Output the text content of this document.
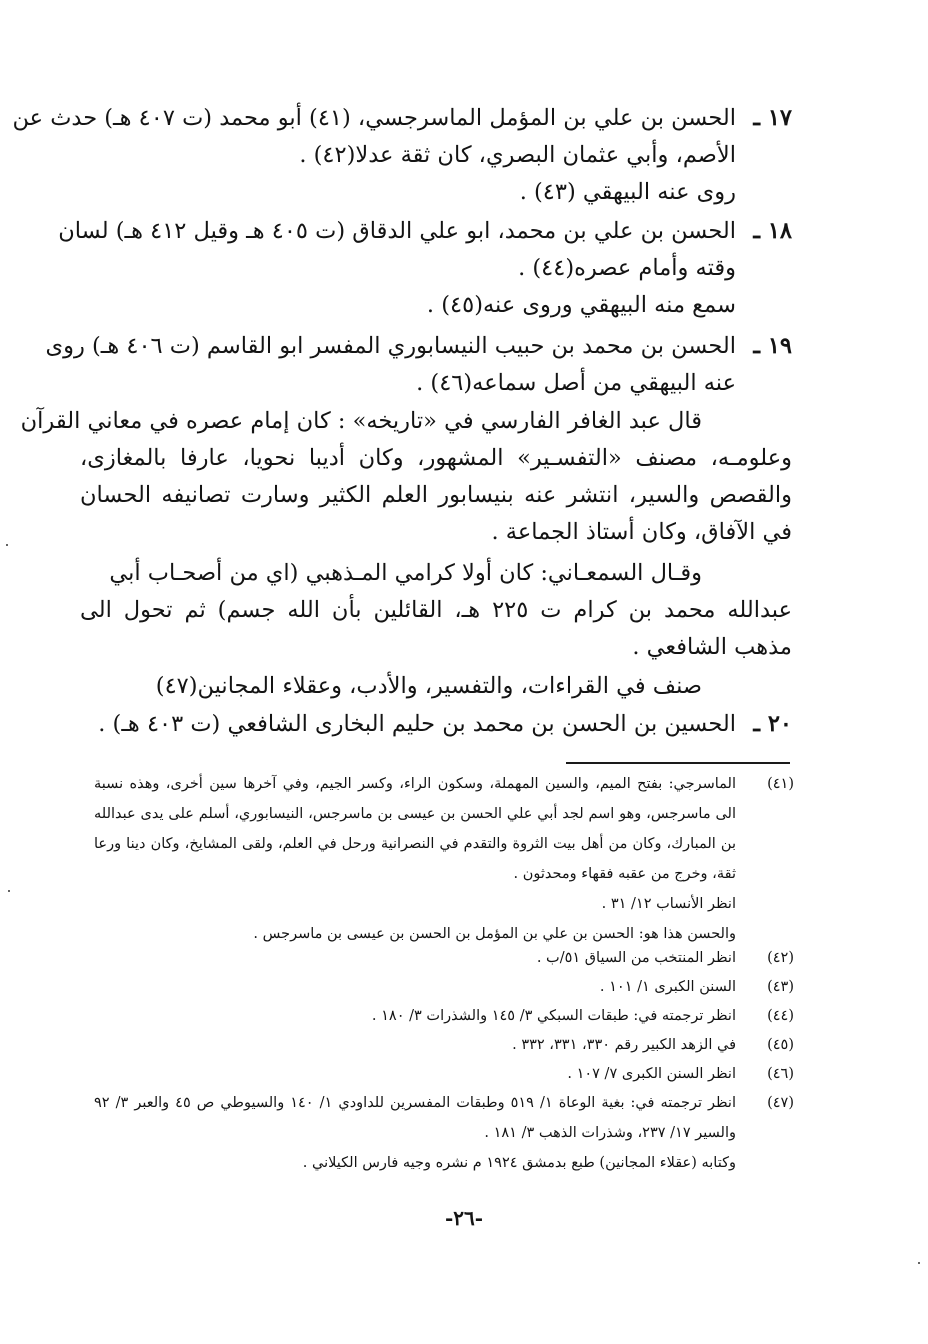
١٧ ـ
الحسن بن علي بن المؤمل الماسرجسي، (٤١) أبو محمد (ت ٤٠٧ هـ) حدث عن
الأصم، وأبي عثمان البصري، كان ثقة عدلا(٤٢) .
روى عنه البيهقي (٤٣) .
١٨ ـ
الحسن بن علي بن محمد، ابو علي الدقاق (ت ٤٠٥ هـ وقيل ٤١٢ هـ) لسان
وقته وأمام عصره(٤٤) .
سمع منه البيهقي وروى عنه(٤٥) .
١٩ ـ
الحسن بن محمد بن حبيب النيسابوري المفسر ابو القاسم (ت ٤٠٦ هـ) روى
عنه البيهقي من أصل سماعه(٤٦) .
قال عبد الغافر الفارسي في «تاريخه» : كان إمام عصره في معاني القرآن
وعلومـه، مصنف «التفسـير» المشهور، وكان أديبا نحويا، عارفا بالمغازى،
والقصص والسير، انتشر عنه بنيسابور العلم الكثير وسارت تصانيفه الحسان
في الآفاق، وكان أستاذ الجماعة .
وقـال السمعـاني: كان أولا كرامي المـذهبي (اي من أصحـاب أبي
عبدالله محمد بن كرام ت ٢٢٥ هـ، القائلين بأن الله جسم) ثم تحول الى
مذهب الشافعي .
صنف في القراءات، والتفسير، والأدب، وعقلاء المجانين(٤٧)
٢٠ ـ
الحسين بن الحسن بن محمد بن حليم البخارى الشافعي (ت ٤٠٣ هـ) .
(٤١)
الماسرجي: بفتح الميم، والسين المهملة، وسكون الراء، وكسر الجيم، وفي آخرها سين أخرى، وهذه نسبة
الى ماسرجس، وهو اسم لجد أبي علي الحسن بن عيسى بن ماسرجس، النيسابوري، أسلم على يدى عبدالله
بن المبارك، وكان من أهل بيت الثروة والتقدم في النصرانية ورحل في العلم، ولقى المشايخ، وكان دينا ورعا
ثقة، وخرج من عقبه فقهاء ومحدثون .
انظر الأنساب ١٢/ ٣١ .
والحسن هذا هو: الحسن بن علي بن المؤمل بن الحسن بن عيسى بن ماسرجس .
(٤٢)
انظر المنتخب من السياق ٥١/ب .
(٤٣)
السنن الكبرى ١/ ١٠١ .
(٤٤)
انظر ترجمته في: طبقات السبكي ٣/ ١٤٥ والشذرات ٣/ ١٨٠ .
(٤٥)
في الزهد الكبير رقم ٣٣٠، ٣٣١، ٣٣٢ .
(٤٦)
انظر السنن الكبرى ٧/ ١٠٧ .
(٤٧)
انظر ترجمته في: بغية الوعاة ١/ ٥١٩ وطبقات المفسرين للداودي ١/ ١٤٠ والسيوطي ص ٤٥ والعبر ٣/ ٩٢
والسير ١٧/ ٢٣٧، وشذرات الذهب ٣/ ١٨١ .
وكتابه (عقلاء المجانين) طبع بدمشق ١٩٢٤ م نشره وجيه فارس الكيلاني .
-٢٦-
